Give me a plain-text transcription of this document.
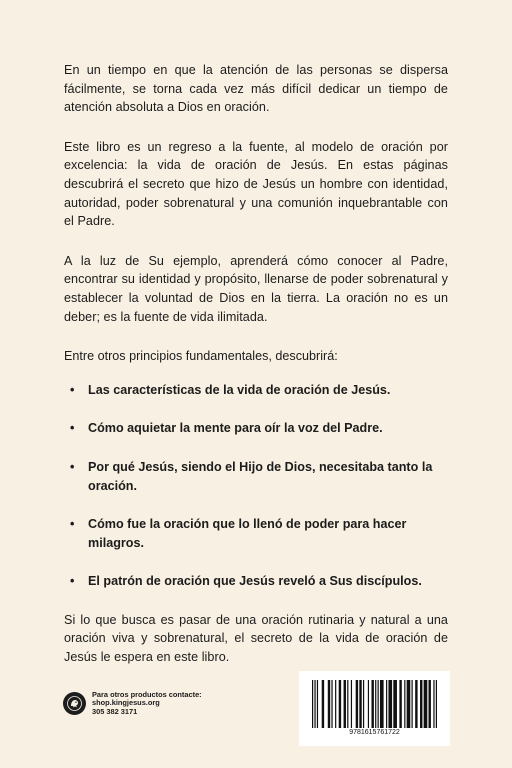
En un tiempo en que la atención de las personas se dispersa fácilmente, se torna cada vez más difícil dedicar un tiempo de atención absoluta a Dios en oración.

Este libro es un regreso a la fuente, al modelo de oración por excelencia: la vida de oración de Jesús. En estas páginas descubrirá el secreto que hizo de Jesús un hombre con identidad, autoridad, poder sobrenatural y una comunión inquebrantable con el Padre.

A la luz de Su ejemplo, aprenderá cómo conocer al Padre, encontrar su identidad y propósito, llenarse de poder sobrenatural y establecer la voluntad de Dios en la tierra. La oración no es un deber; es la fuente de vida ilimitada.

Entre otros principios fundamentales, descubrirá:

• Las características de la vida de oración de Jesús.
• Cómo aquietar la mente para oír la voz del Padre.
• Por qué Jesús, siendo el Hijo de Dios, necesitaba tanto la oración.
• Cómo fue la oración que lo llenó de poder para hacer milagros.
• El patrón de oración que Jesús reveló a Sus discípulos.

Si lo que busca es pasar de una oración rutinaria y natural a una oración viva y sobrenatural, el secreto de la vida de oración de Jesús le espera en este libro.

Para otros productos contacte:
shop.kingjesus.org
305 382 3171
9781615761722
